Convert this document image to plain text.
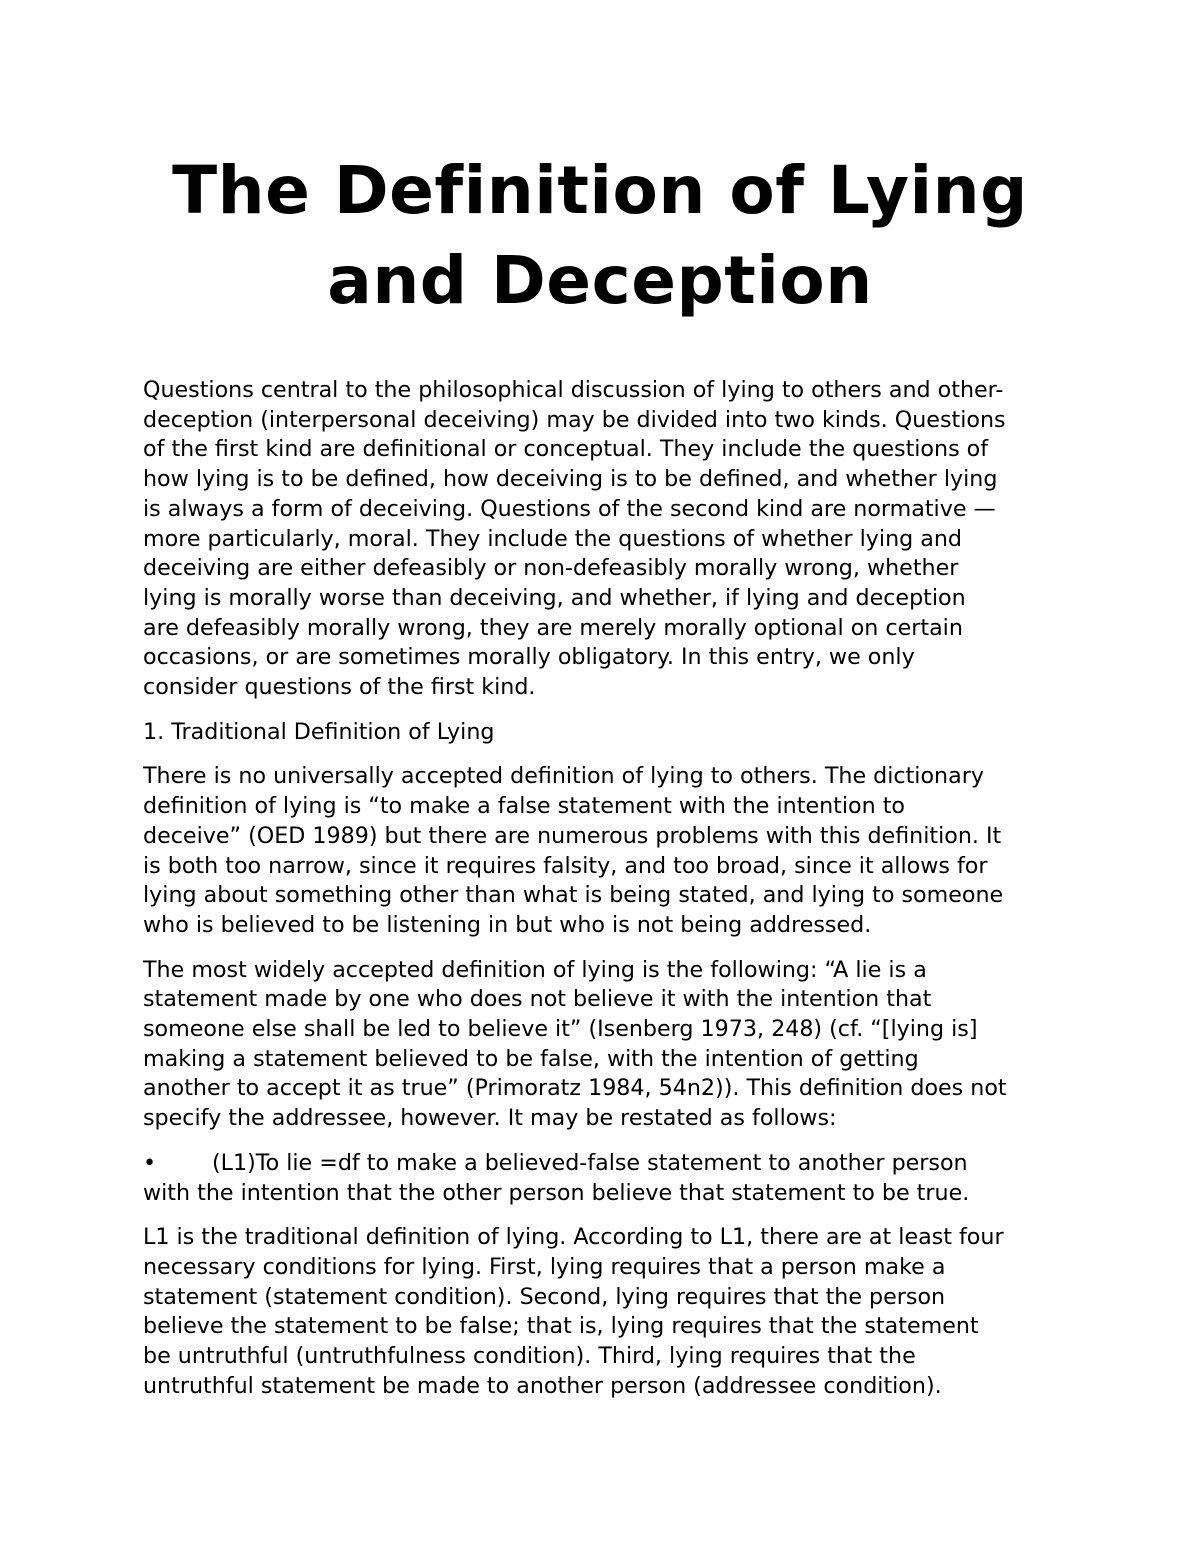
The Definition of Lying
and Deception

Questions central to the philosophical discussion of lying to others and other-
deception (interpersonal deceiving) may be divided into two kinds. Questions
of the first kind are definitional or conceptual. They include the questions of
how lying is to be defined, how deceiving is to be defined, and whether lying
is always a form of deceiving. Questions of the second kind are normative —
more particularly, moral. They include the questions of whether lying and
deceiving are either defeasibly or non-defeasibly morally wrong, whether
lying is morally worse than deceiving, and whether, if lying and deception
are defeasibly morally wrong, they are merely morally optional on certain
occasions, or are sometimes morally obligatory. In this entry, we only
consider questions of the first kind.

1. Traditional Definition of Lying

There is no universally accepted definition of lying to others. The dictionary
definition of lying is “to make a false statement with the intention to
deceive” (OED 1989) but there are numerous problems with this definition. It
is both too narrow, since it requires falsity, and too broad, since it allows for
lying about something other than what is being stated, and lying to someone
who is believed to be listening in but who is not being addressed.

The most widely accepted definition of lying is the following: “A lie is a
statement made by one who does not believe it with the intention that
someone else shall be led to believe it” (Isenberg 1973, 248) (cf. “[lying is]
making a statement believed to be false, with the intention of getting
another to accept it as true” (Primoratz 1984, 54n2)). This definition does not
specify the addressee, however. It may be restated as follows:

•	(L1)To lie =df to make a believed-false statement to another person
with the intention that the other person believe that statement to be true.

L1 is the traditional definition of lying. According to L1, there are at least four
necessary conditions for lying. First, lying requires that a person make a
statement (statement condition). Second, lying requires that the person
believe the statement to be false; that is, lying requires that the statement
be untruthful (untruthfulness condition). Third, lying requires that the
untruthful statement be made to another person (addressee condition).
